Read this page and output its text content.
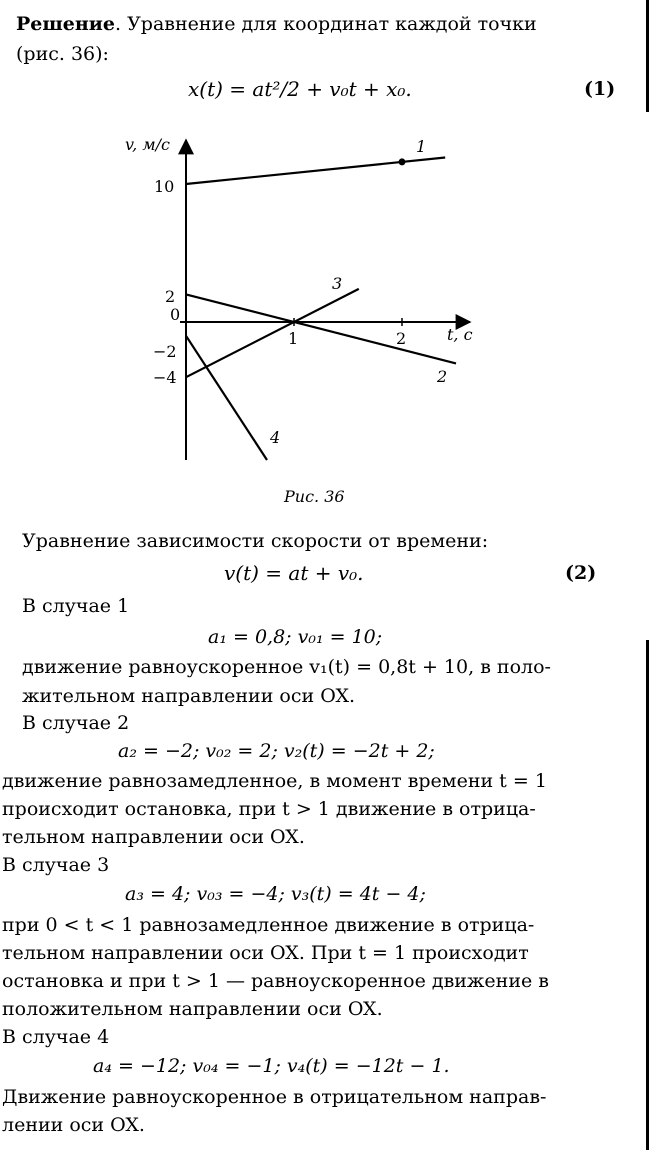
Решение. Уравнение для координат каждой точки
(рис. 36):
x(t) = at²/2 + v₀t + x₀.	(1)
v, м/с
t, с
10
2
0
−2
−4
1	2
1
2
3
4
Рис. 36
Уравнение зависимости скорости от времени:
v(t) = at + v₀.	(2)
В случае 1
a₁ = 0,8; v₀₁ = 10;
движение равноускоренное v₁(t) = 0,8t + 10, в поло-
жительном направлении оси OX.
В случае 2
a₂ = −2; v₀₂ = 2; v₂(t) = −2t + 2;
движение равнозамедленное, в момент времени t = 1
происходит остановка, при t > 1 движение в отрица-
тельном направлении оси OX.
В случае 3
a₃ = 4; v₀₃ = −4; v₃(t) = 4t − 4;
при 0 < t < 1 равнозамедленное движение в отрица-
тельном направлении оси OX. При t = 1 происходит
остановка и при t > 1 — равноускоренное движение в
положительном направлении оси OX.
В случае 4
a₄ = −12; v₀₄ = −1; v₄(t) = −12t − 1.
Движение равноускоренное в отрицательном направ-
лении оси OX.
